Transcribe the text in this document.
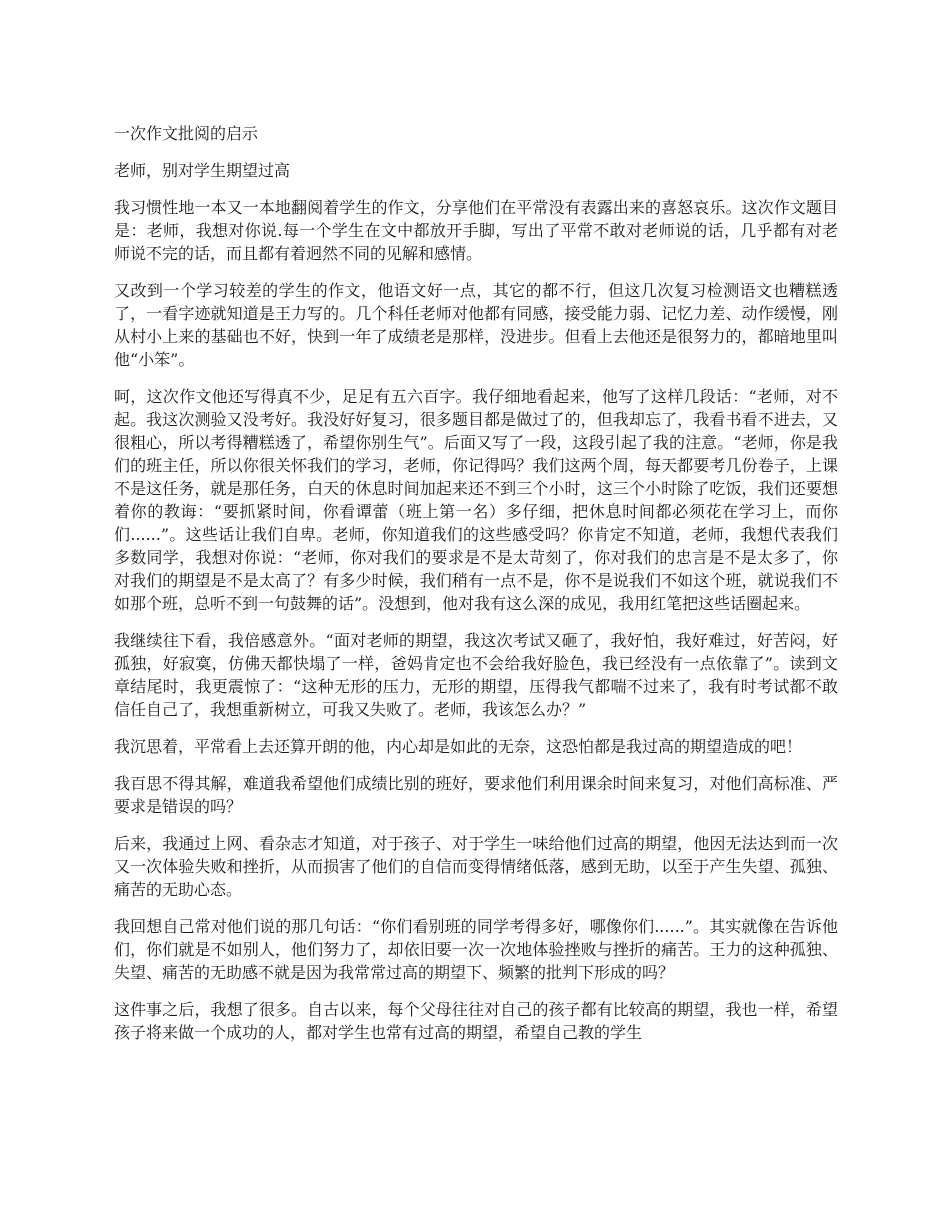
一次作文批阅的启示

老师，别对学生期望过高

我习惯性地一本又一本地翻阅着学生的作文，分享他们在平常没有表露出来的喜怒哀乐。这次作文题目是：老师，我想对你说.每一个学生在文中都放开手脚，写出了平常不敢对老师说的话，几乎都有对老师说不完的话，而且都有着迥然不同的见解和感情。

又改到一个学习较差的学生的作文，他语文好一点，其它的都不行，但这几次复习检测语文也糟糕透了，一看字迹就知道是王力写的。几个科任老师对他都有同感，接受能力弱、记忆力差、动作缓慢，刚从村小上来的基础也不好，快到一年了成绩老是那样，没进步。但看上去他还是很努力的，都暗地里叫他“小笨”。

呵，这次作文他还写得真不少，足足有五六百字。我仔细地看起来，他写了这样几段话：“老师，对不起。我这次测验又没考好。我没好好复习，很多题目都是做过了的，但我却忘了，我看书看不进去，又很粗心，所以考得糟糕透了，希望你别生气”。后面又写了一段，这段引起了我的注意。“老师，你是我们的班主任，所以你很关怀我们的学习，老师，你记得吗？我们这两个周，每天都要考几份卷子，上课不是这任务，就是那任务，白天的休息时间加起来还不到三个小时，这三个小时除了吃饭，我们还要想着你的教诲：“要抓紧时间，你看谭蕾（班上第一名）多仔细，把休息时间都必须花在学习上，而你们......”。这些话让我们自卑。老师，你知道我们的这些感受吗？你肯定不知道，老师，我想代表我们多数同学，我想对你说：“老师，你对我们的要求是不是太苛刻了，你对我们的忠言是不是太多了，你对我们的期望是不是太高了？有多少时候，我们稍有一点不是，你不是说我们不如这个班，就说我们不如那个班，总听不到一句鼓舞的话”。没想到，他对我有这么深的成见，我用红笔把这些话圈起来。

我继续往下看，我倍感意外。“面对老师的期望，我这次考试又砸了，我好怕，我好难过，好苦闷，好孤独，好寂寞，仿佛天都快塌了一样，爸妈肯定也不会给我好脸色，我已经没有一点依靠了”。读到文章结尾时，我更震惊了：“这种无形的压力，无形的期望，压得我气都喘不过来了，我有时考试都不敢信任自己了，我想重新树立，可我又失败了。老师，我该怎么办？”

我沉思着，平常看上去还算开朗的他，内心却是如此的无奈，这恐怕都是我过高的期望造成的吧！

我百思不得其解，难道我希望他们成绩比别的班好，要求他们利用课余时间来复习，对他们高标准、严要求是错误的吗？

后来，我通过上网、看杂志才知道，对于孩子、对于学生一味给他们过高的期望，他因无法达到而一次又一次体验失败和挫折，从而损害了他们的自信而变得情绪低落，感到无助，以至于产生失望、孤独、痛苦的无助心态。

我回想自己常对他们说的那几句话：“你们看别班的同学考得多好，哪像你们......”。其实就像在告诉他们，你们就是不如别人，他们努力了，却依旧要一次一次地体验挫败与挫折的痛苦。王力的这种孤独、失望、痛苦的无助感不就是因为我常常过高的期望下、频繁的批判下形成的吗？

这件事之后，我想了很多。自古以来，每个父母往往对自己的孩子都有比较高的期望，我也一样，希望孩子将来做一个成功的人，都对学生也常有过高的期望，希望自己教的学生
